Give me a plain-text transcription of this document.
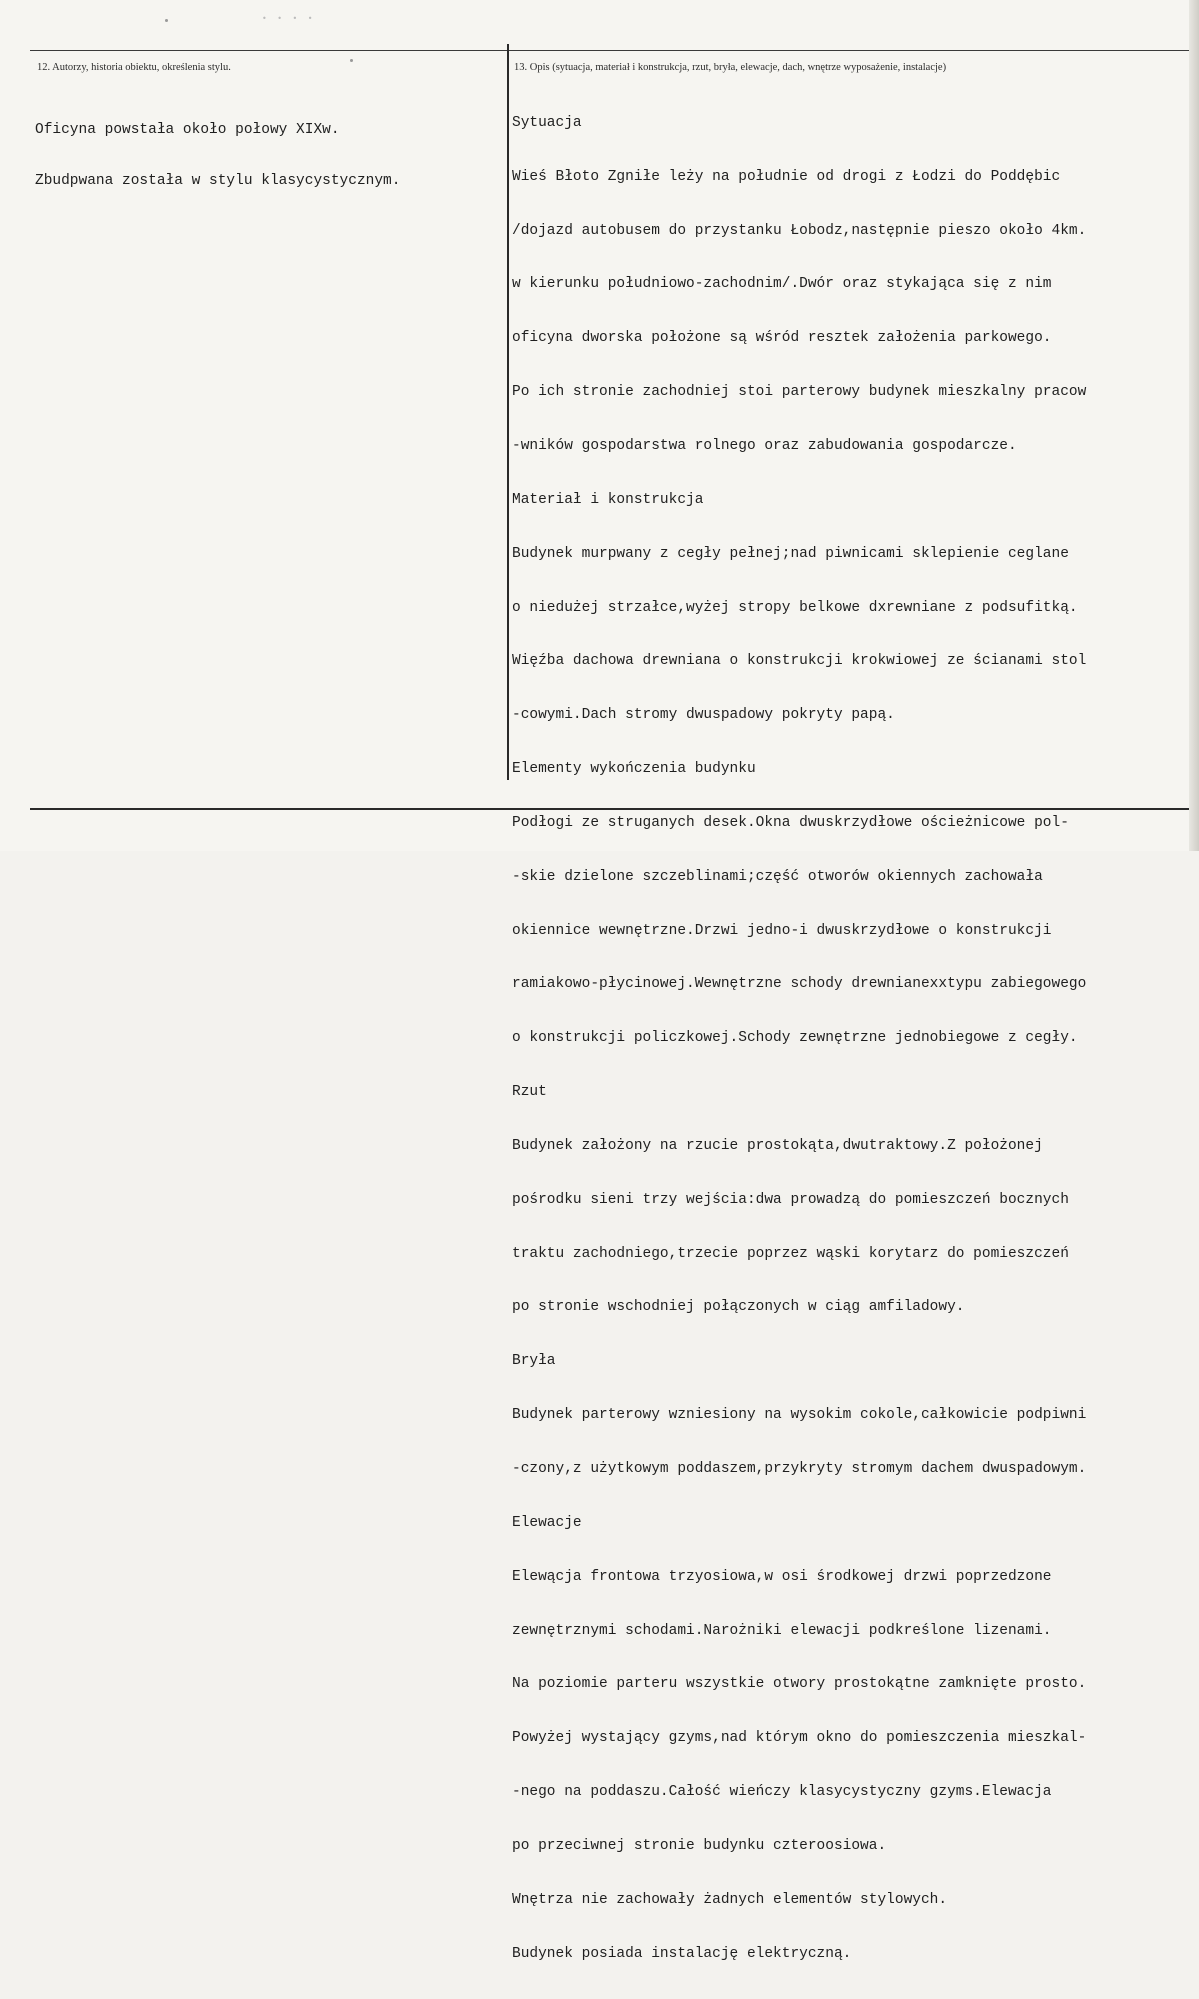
• • • •
12. Autorzy, historia obiektu, określenia stylu.	13. Opis (sytuacja, materiał i konstrukcja, rzut, bryła, elewacje, dach, wnętrze wyposażenie, instalacje)

Oficyna powstała około połowy XIXw.

Zbudpwana została w stylu klasycystycznym.

Sytuacja

Wieś Błoto Zgniłe leży na południe od drogi z Łodzi do Poddębic

/dojazd autobusem do przystanku Łobodz,następnie pieszo około 4km.

w kierunku południowo-zachodnim/.Dwór oraz stykająca się z nim

oficyna dworska położone są wśród resztek założenia parkowego.

Po ich stronie zachodniej stoi parterowy budynek mieszkalny pracow

-wników gospodarstwa rolnego oraz zabudowania gospodarcze.

Materiał i konstrukcja

Budynek murpwany z cegły pełnej;nad piwnicami sklepienie ceglane

o niedużej strzałce,wyżej stropy belkowe dxrewniane z podsufitką.

Więźba dachowa drewniana o konstrukcji krokwiowej ze ścianami stol

-cowymi.Dach stromy dwuspadowy pokryty papą.

Elementy wykończenia budynku

Podłogi ze struganych desek.Okna dwuskrzydłowe ościeżnicowe pol-

-skie dzielone szczeblinami;część otworów okiennych zachowała

okiennice wewnętrzne.Drzwi jedno-i dwuskrzydłowe o konstrukcji

ramiakowo-płycinowej.Wewnętrzne schody drewnianexxtypu zabiegowego

o konstrukcji policzkowej.Schody zewnętrzne jednobiegowe z cegły.

Rzut

Budynek założony na rzucie prostokąta,dwutraktowy.Z położonej

pośrodku sieni trzy wejścia:dwa prowadzą do pomieszczeń bocznych

traktu zachodniego,trzecie poprzez wąski korytarz do pomieszczeń

po stronie wschodniej połączonych w ciąg amfiladowy.

Bryła

Budynek parterowy wzniesiony na wysokim cokole,całkowicie podpiwni

-czony,z użytkowym poddaszem,przykryty stromym dachem dwuspadowym.

Elewacje

Elewącja frontowa trzyosiowa,w osi środkowej drzwi poprzedzone

zewnętrznymi schodami.Narożniki elewacji podkreślone lizenami.

Na poziomie parteru wszystkie otwory prostokątne zamknięte prosto.

Powyżej wystający gzyms,nad którym okno do pomieszczenia mieszkal-

-nego na poddaszu.Całość wieńczy klasycystyczny gzyms.Elewacja

po przeciwnej stronie budynku czteroosiowa.

Wnętrza nie zachowały żadnych elementów stylowych.

Budynek posiada instalację elektryczną.
